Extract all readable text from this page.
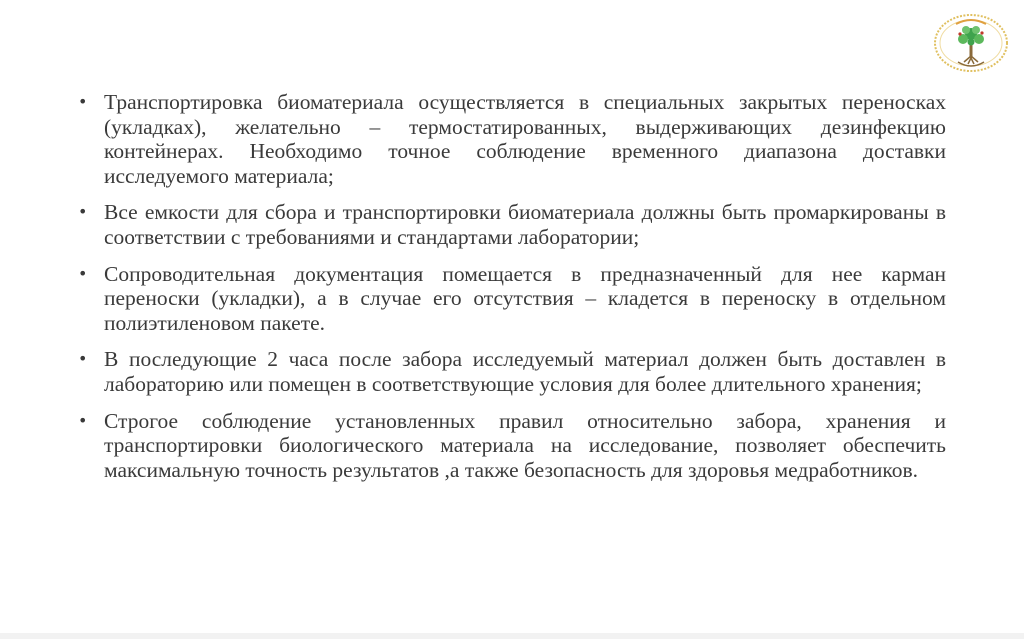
• Транспортировка биоматериала осуществляется в специальных закрытых переносках (укладках), желательно – термостатированных, выдерживающих дезинфекцию контейнерах. Необходимо точное соблюдение временного диапазона доставки исследуемого материала;
• Все емкости для сбора и транспортировки биоматериала должны быть промаркированы в соответствии с требованиями и стандартами лаборатории;
• Сопроводительная документация помещается в предназначенный для нее карман переноски (укладки), а в случае его отсутствия – кладется в переноску в отдельном полиэтиленовом пакете.
• В последующие 2 часа после забора исследуемый материал должен быть доставлен в лабораторию или помещен в соответствующие условия для более длительного хранения;
• Строгое соблюдение установленных правил относительно забора, хранения и транспортировки биологического материала на исследование, позволяет обеспечить максимальную точность результатов ,а также безопасность для здоровья медработников.
